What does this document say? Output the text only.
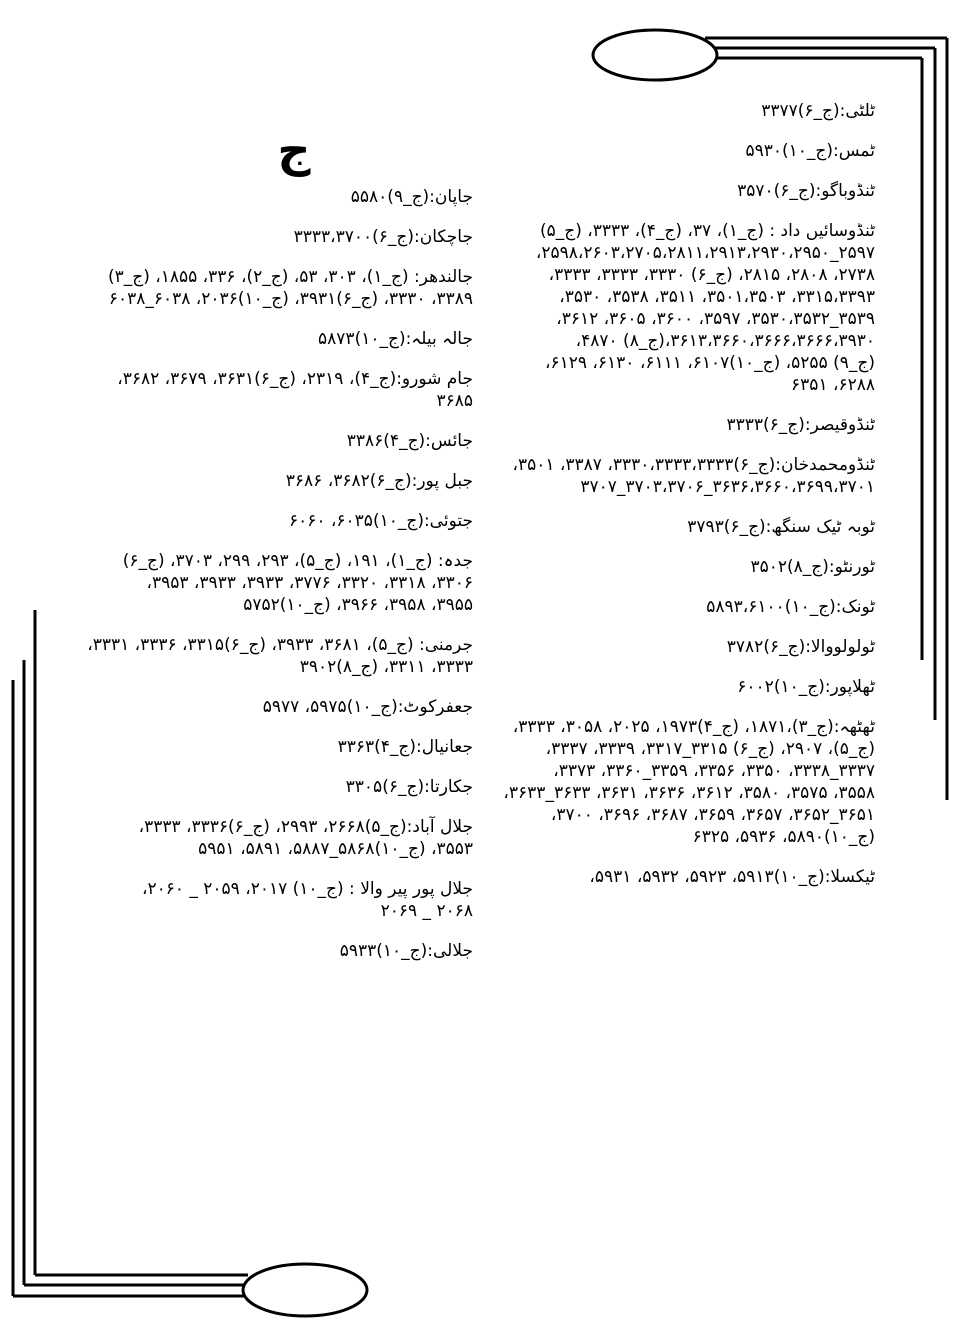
ٹلٹی:(ج_۶)۳۳۷۷

ٹمس:(ج_۱۰)۵۹۳۰

ٹنڈوباگو:(ج_۶)۳۵۷۰

ٹنڈوسائیں داد : (ج_۱)، ۳۷، (ج_۴)، ۳۳۳۳، (ج_۵)

۲۵۹۷_۲۵۹۸،۲۶۰۳،۲۷۰۵،۲۸۱۱،۲۹۱۳،۲۹۳۰،۲۹۵۰،

۲۷۳۸، ۲۸۰۸، ۲۸۱۵، (ج_۶) ۳۳۳۰، ۳۳۳۳، ۳۳۳۳،

۳۳۱۵،۳۳۹۳، ۳۵۰۱،۳۵۰۳، ۳۵۱۱، ۳۵۳۸، ۳۵۳۰،

۳۵۳۹_۳۵۳۰،۳۵۳۲، ۳۵۹۷، ۳۶۰۰، ۳۶۰۵، ۳۶۱۲،

۳۶۱۳،۳۶۶۰،۳۶۶۶،۳۶۶۶،۳۹۳۰،(ج_۸) ۴۸۷۰،

(ج_۹) ۵۲۵۵، (ج_۱۰)۶۱۰۷، ۶۱۱۱، ۶۱۳۰، ۶۱۲۹،

۶۲۸۸، ۶۳۵۱

ٹنڈوقیصر:(ج_۶)۳۳۳۳

ٹنڈومحمدخان:(ج_۶)۳۳۳۰،۳۳۳۳،۳۳۳۳، ۳۳۸۷، ۳۵۰۱،

۳۶۳۶،۳۶۶۰،۳۶۹۹،۳۷۰۱_۳۷۰۳،۳۷۰۶_۳۷۰۷

ٹوبہ ٹیک سنگھ:(ج_۶)۳۷۹۳

ٹورنٹو:(ج_۸)۳۵۰۲

ٹونک:(ج_۱۰)۵۸۹۳،۶۱۰۰

ٹولولووالا:(ج_۶)۳۷۸۲

ٹھلاپور:(ج_۱۰)۶۰۰۲

ٹھٹھہ:(ج_۳)،۱۸۷۱، (ج_۴)۱۹۷۳، ۲۰۲۵، ۳۰۵۸، ۳۳۳۳،

(ج_۵)، ۲۹۰۷، (ج_۶) ۳۳۱۵_۳۳۱۷، ۳۳۳۹، ۳۳۳۷،

۳۳۳۷_۳۳۳۸، ۳۳۵۰، ۳۳۵۶، ۳۳۵۹_۳۳۶۰، ۳۳۷۳،

۳۵۵۸، ۳۵۷۵، ۳۵۸۰، ۳۶۱۲، ۳۶۳۶، ۳۶۳۱، ۳۶۳۳_۳۶۳۳،

۳۶۵۱_۳۶۵۲، ۳۶۵۷، ۳۶۵۹، ۳۶۸۷، ۳۶۹۶، ۳۷۰۰،

(ج_۱۰)۵۸۹۰، ۵۹۳۶، ۶۳۲۵

ٹیکسلا:(ج_۱۰)۵۹۱۳، ۵۹۲۳، ۵۹۳۲، ۵۹۳۱،

ج

جاپان:(ج_۹)۵۵۸۰

جاچکان:(ج_۶)۳۳۳۳،۳۷۰۰

جالندھر: (ج_۱)، ۳۰۳، ۵۳، (ج_۲)، ۳۳۶، ۱۸۵۵، (ج_۳)

۳۳۸۹، ۳۳۳۰، (ج_۶)۳۹۳۱، (ج_۱۰)۲۰۳۶، ۶۰۳۸_۶۰۳۸

جالہ بیلہ:(ج_۱۰)۵۸۷۳

جام شورو:(ج_۴)، ۲۳۱۹، (ج_۶)۳۶۳۱، ۳۶۷۹، ۳۶۸۲،

۳۶۸۵

جائس:(ج_۴)۳۳۸۶

جبل پور:(ج_۶)۳۶۸۲، ۳۶۸۶

جتوئی:(ج_۱۰)۶۰۳۵، ۶۰۶۰

جدہ: (ج_۱)، ۱۹۱، (ج_۵)، ۲۹۳، ۲۹۹، ۳۷۰۳، (ج_۶)

۳۳۰۶، ۳۳۱۸، ۳۳۲۰، ۳۷۷۶، ۳۹۳۳، ۳۹۳۳، ۳۹۵۳،

۳۹۵۵، ۳۹۵۸، ۳۹۶۶، (ج_۱۰)۵۷۵۲

جرمنی: (ج_۵)، ۳۶۸۱، ۳۹۳۳، (ج_۶)۳۳۱۵، ۳۳۳۶، ۳۳۳۱،

۳۳۳۳، ۳۳۱۱، (ج_۸)۳۹۰۲

جعفرکوٹ:(ج_۱۰)۵۹۷۵، ۵۹۷۷

جعانیال:(ج_۴)۳۳۶۳

جکارتا:(ج_۶)۳۳۰۵

جلال آباد:(ج_۵)۲۶۶۸، ۲۹۹۳، (ج_۶)۳۳۳۶، ۳۳۳۳،

۳۵۵۳، (ج_۱۰)۵۸۶۸_۵۸۸۷، ۵۸۹۱، ۵۹۵۱

جلال پور پیر والا : (ج_۱۰) ۲۰۱۷، ۲۰۵۹ _ ۲۰۶۰،

۲۰۶۸ _ ۲۰۶۹

جلالی:(ج_۱۰)۵۹۳۳
